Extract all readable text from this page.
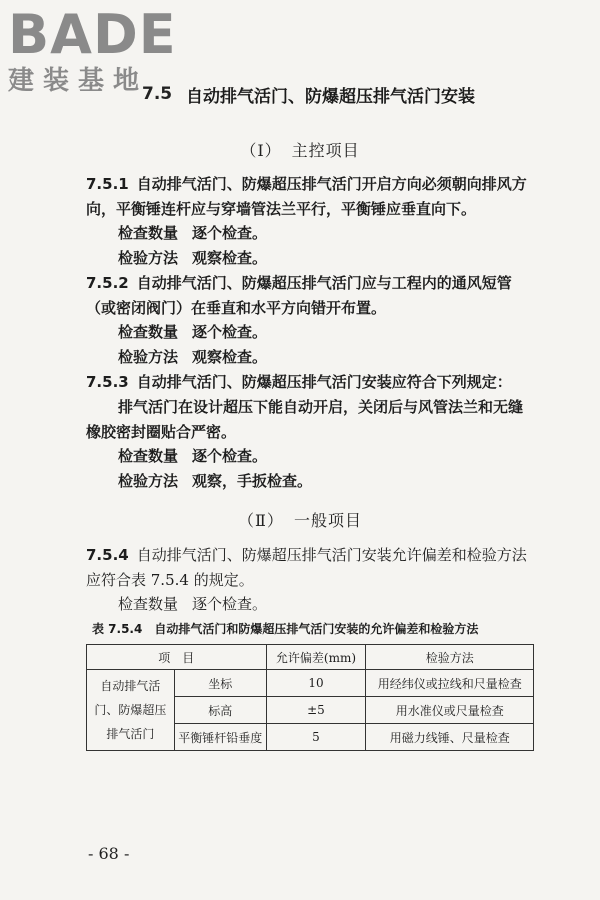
BADE
建装基地
7.5 自动排气活门、防爆超压排气活门安装
（Ⅰ） 主控项目
7.5.1 自动排气活门、防爆超压排气活门开启方向必须朝向排风方向，平衡锤连杆应与穿墙管法兰平行，平衡锤应垂直向下。
检查数量 逐个检查。
检验方法 观察检查。
7.5.2 自动排气活门、防爆超压排气活门应与工程内的通风短管（或密闭阀门）在垂直和水平方向错开布置。
检查数量 逐个检查。
检验方法 观察检查。
7.5.3 自动排气活门、防爆超压排气活门安装应符合下列规定：
排气活门在设计超压下能自动开启，关闭后与风管法兰和无缝橡胶密封圈贴合严密。
检查数量 逐个检查。
检验方法 观察，手扳检查。
（Ⅱ） 一般项目
7.5.4 自动排气活门、防爆超压排气活门安装允许偏差和检验方法应符合表 7.5.4 的规定。
检查数量 逐个检查。
表 7.5.4 自动排气活门和防爆超压排气活门安装的允许偏差和检验方法
项　目		允许偏差(mm)	检验方法
自动排气活门、防爆超压排气活门	坐标	10	用经纬仪或拉线和尺量检查
	标高	±5	用水准仪或尺量检查
	平衡锤杆铅垂度	5	用磁力线锤、尺量检查
- 68 -
